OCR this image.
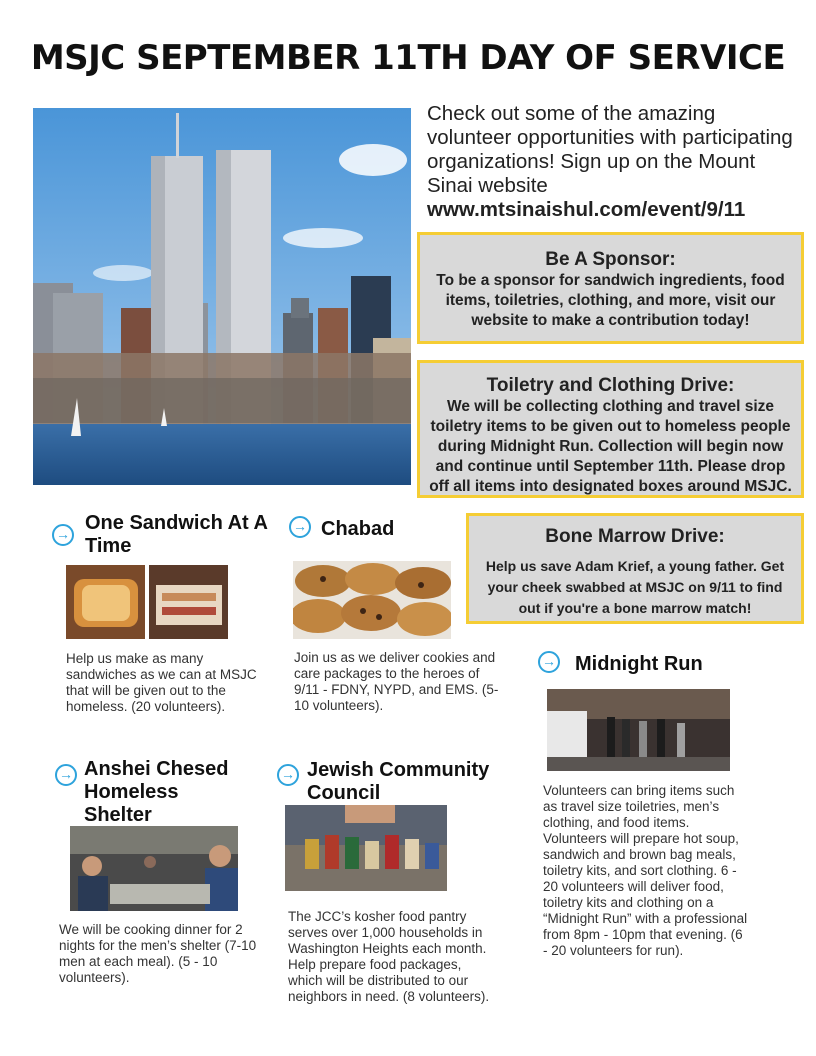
MSJC SEPTEMBER 11TH DAY OF SERVICE
Check out some of the amazing volunteer opportunities with participating organizations! Sign up on the Mount Sinai website
www.mtsinaishul.com/event/9/11
Be A Sponsor:
To be a sponsor for sandwich ingredients, food items, toiletries, clothing, and more, visit our website to make a contribution today!
Toiletry and Clothing Drive:
We will be collecting clothing and travel size toiletry items to be given out to homeless people during Midnight Run. Collection will begin now and continue until September 11th. Please drop off all items into designated boxes around MSJC.
Bone Marrow Drive:
Help us save Adam Krief, a young father. Get your cheek swabbed at MSJC on 9/11 to find out if you're a bone marrow match!
→ One Sandwich At A Time
Help us make as many sandwiches as we can at MSJC that will be given out to the homeless. (20 volunteers).
→ Chabad
Join us as we deliver cookies and care packages to the heroes of 9/11 - FDNY, NYPD, and EMS. (5-10 volunteers).
→ Midnight Run
Volunteers can bring items such as travel size toiletries, men’s clothing, and food items. Volunteers will prepare hot soup, sandwich and brown bag meals, toiletry kits, and sort clothing. 6 - 20 volunteers will deliver food, toiletry kits and clothing on a “Midnight Run” with a professional from 8pm - 10pm that evening. (6 - 20 volunteers for run).
→ Anshei Chesed Homeless Shelter
We will be cooking dinner for 2 nights for the men’s shelter (7-10 men at each meal). (5 - 10 volunteers).
→ Jewish Community Council
The JCC’s kosher food pantry serves over 1,000 households in Washington Heights each month. Help prepare food packages, which will be distributed to our neighbors in need. (8 volunteers).
